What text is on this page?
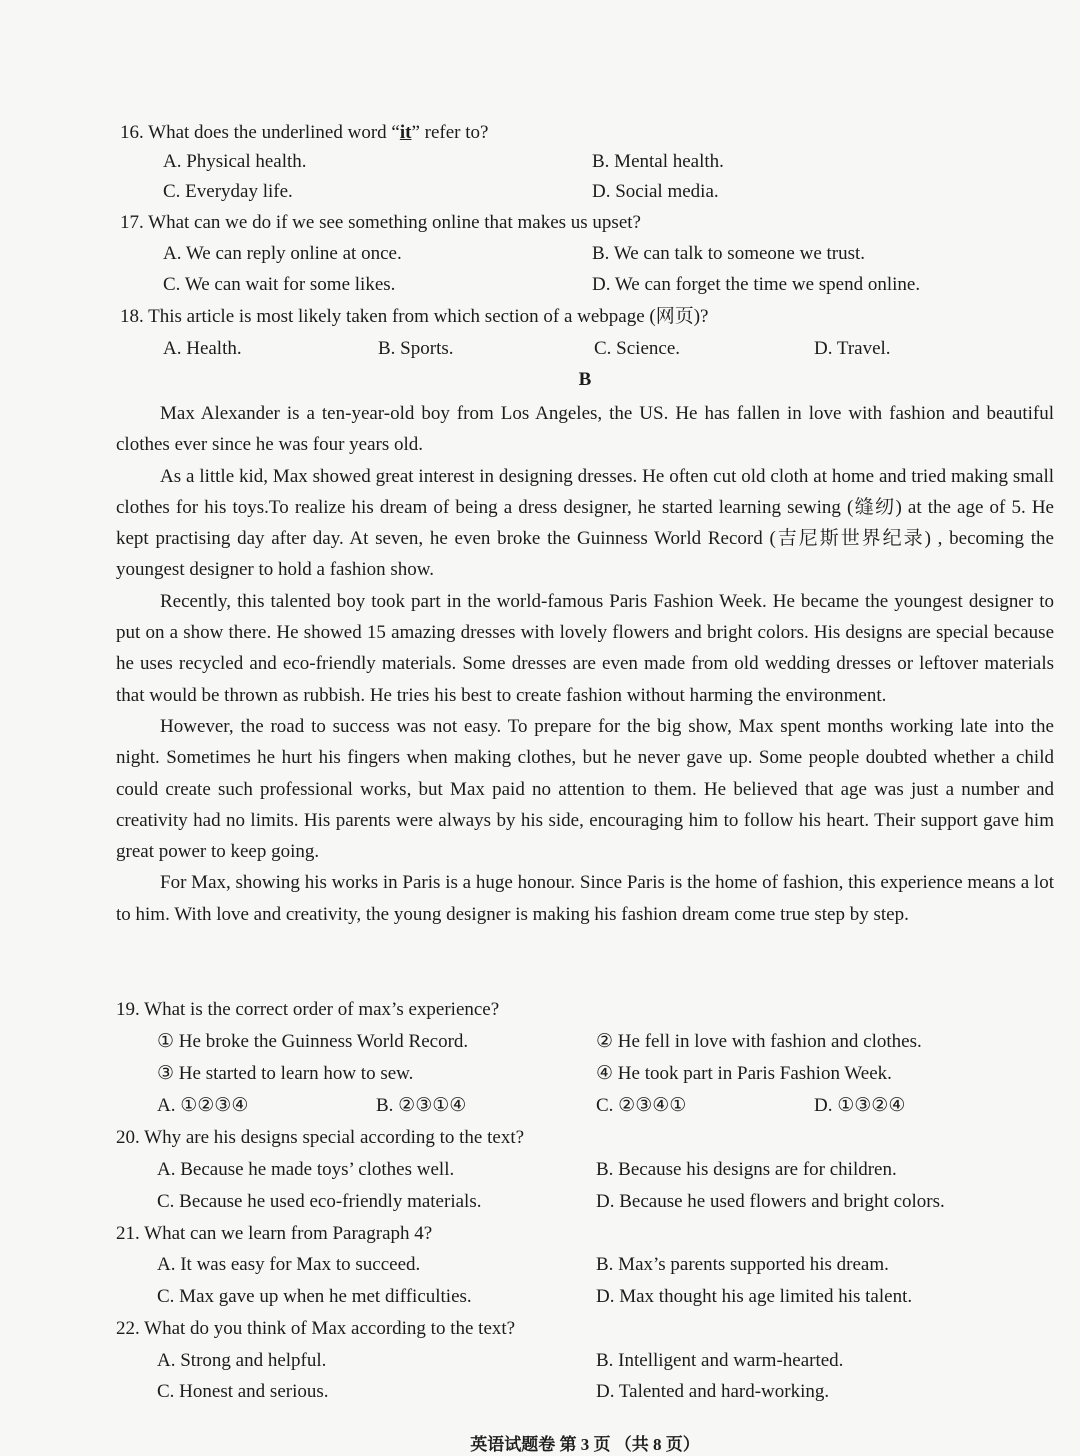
16. What does the underlined word “it” refer to?
A. Physical health.	B. Mental health.
C. Everyday life.	D. Social media.
17. What can we do if we see something online that makes us upset?
A. We can reply online at once.	B. We can talk to someone we trust.
C. We can wait for some likes.	D. We can forget the time we spend online.
18. This article is most likely taken from which section of a webpage (网页)?
A. Health.	B. Sports.	C. Science.	D. Travel.
B

Max Alexander is a ten-year-old boy from Los Angeles, the US. He has fallen in love with fashion and beautiful clothes ever since he was four years old.

As a little kid, Max showed great interest in designing dresses. He often cut old cloth at home and tried making small clothes for his toys.To realize his dream of being a dress designer, he started learning sewing (缝纫) at the age of 5. He kept practising day after day. At seven, he even broke the Guinness World Record (吉尼斯世界纪录) , becoming the youngest designer to hold a fashion show.

Recently, this talented boy took part in the world-famous Paris Fashion Week. He became the youngest designer to put on a show there. He showed 15 amazing dresses with lovely flowers and bright colors. His designs are special because he uses recycled and eco-friendly materials. Some dresses are even made from old wedding dresses or leftover materials that would be thrown as rubbish. He tries his best to create fashion without harming the environment.

However, the road to success was not easy. To prepare for the big show, Max spent months working late into the night. Sometimes he hurt his fingers when making clothes, but he never gave up. Some people doubted whether a child could create such professional works, but Max paid no attention to them. He believed that age was just a number and creativity had no limits. His parents were always by his side, encouraging him to follow his heart. Their support gave him great power to keep going.

For Max, showing his works in Paris is a huge honour. Since Paris is the home of fashion, this experience means a lot to him. With love and creativity, the young designer is making his fashion dream come true step by step.

19. What is the correct order of max’s experience?
① He broke the Guinness World Record.	② He fell in love with fashion and clothes.
③ He started to learn how to sew.	④ He took part in Paris Fashion Week.
A. ①②③④	B. ②③①④	C. ②③④①	D. ①③②④
20. Why are his designs special according to the text?
A. Because he made toys’ clothes well.	B. Because his designs are for children.
C. Because he used eco-friendly materials.	D. Because he used flowers and bright colors.
21. What can we learn from Paragraph 4?
A. It was easy for Max to succeed.	B. Max’s parents supported his dream.
C. Max gave up when he met difficulties.	D. Max thought his age limited his talent.
22. What do you think of Max according to the text?
A. Strong and helpful.	B. Intelligent and warm-hearted.
C. Honest and serious.	D. Talented and hard-working.
英语试题卷 第 3 页 （共 8 页）
